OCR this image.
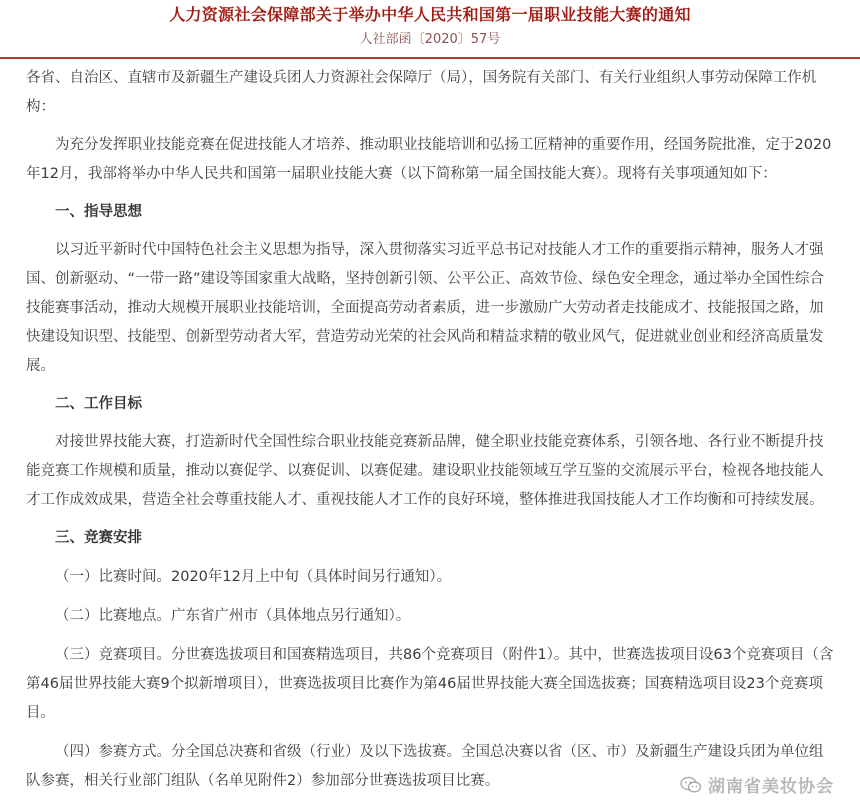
人力资源社会保障部关于举办中华人民共和国第一届职业技能大赛的通知
人社部函〔2020〕57号

各省、自治区、直辖市及新疆生产建设兵团人力资源社会保障厅（局），国务院有关部门、有关行业组织人事劳动保障工作机构：

为充分发挥职业技能竞赛在促进技能人才培养、推动职业技能培训和弘扬工匠精神的重要作用，经国务院批准，定于2020年12月，我部将举办中华人民共和国第一届职业技能大赛（以下简称第一届全国技能大赛）。现将有关事项通知如下：

一、指导思想

以习近平新时代中国特色社会主义思想为指导，深入贯彻落实习近平总书记对技能人才工作的重要指示精神，服务人才强国、创新驱动、“一带一路”建设等国家重大战略，坚持创新引领、公平公正、高效节俭、绿色安全理念，通过举办全国性综合技能赛事活动，推动大规模开展职业技能培训，全面提高劳动者素质，进一步激励广大劳动者走技能成才、技能报国之路，加快建设知识型、技能型、创新型劳动者大军，营造劳动光荣的社会风尚和精益求精的敬业风气，促进就业创业和经济高质量发展。

二、工作目标

对接世界技能大赛，打造新时代全国性综合职业技能竞赛新品牌，健全职业技能竞赛体系，引领各地、各行业不断提升技能竞赛工作规模和质量，推动以赛促学、以赛促训、以赛促建。建设职业技能领域互学互鉴的交流展示平台，检视各地技能人才工作成效成果，营造全社会尊重技能人才、重视技能人才工作的良好环境，整体推进我国技能人才工作均衡和可持续发展。

三、竞赛安排

（一）比赛时间。2020年12月上中旬（具体时间另行通知）。

（二）比赛地点。广东省广州市（具体地点另行通知）。

（三）竞赛项目。分世赛选拔项目和国赛精选项目，共86个竞赛项目（附件1）。其中，世赛选拔项目设63个竞赛项目（含第46届世界技能大赛9个拟新增项目），世赛选拔项目比赛作为第46届世界技能大赛全国选拔赛；国赛精选项目设23个竞赛项目。

（四）参赛方式。分全国总决赛和省级（行业）及以下选拔赛。全国总决赛以省（区、市）及新疆生产建设兵团为单位组队参赛，相关行业部门组队（名单见附件2）参加部分世赛选拔项目比赛。	湖南省美妆协会
